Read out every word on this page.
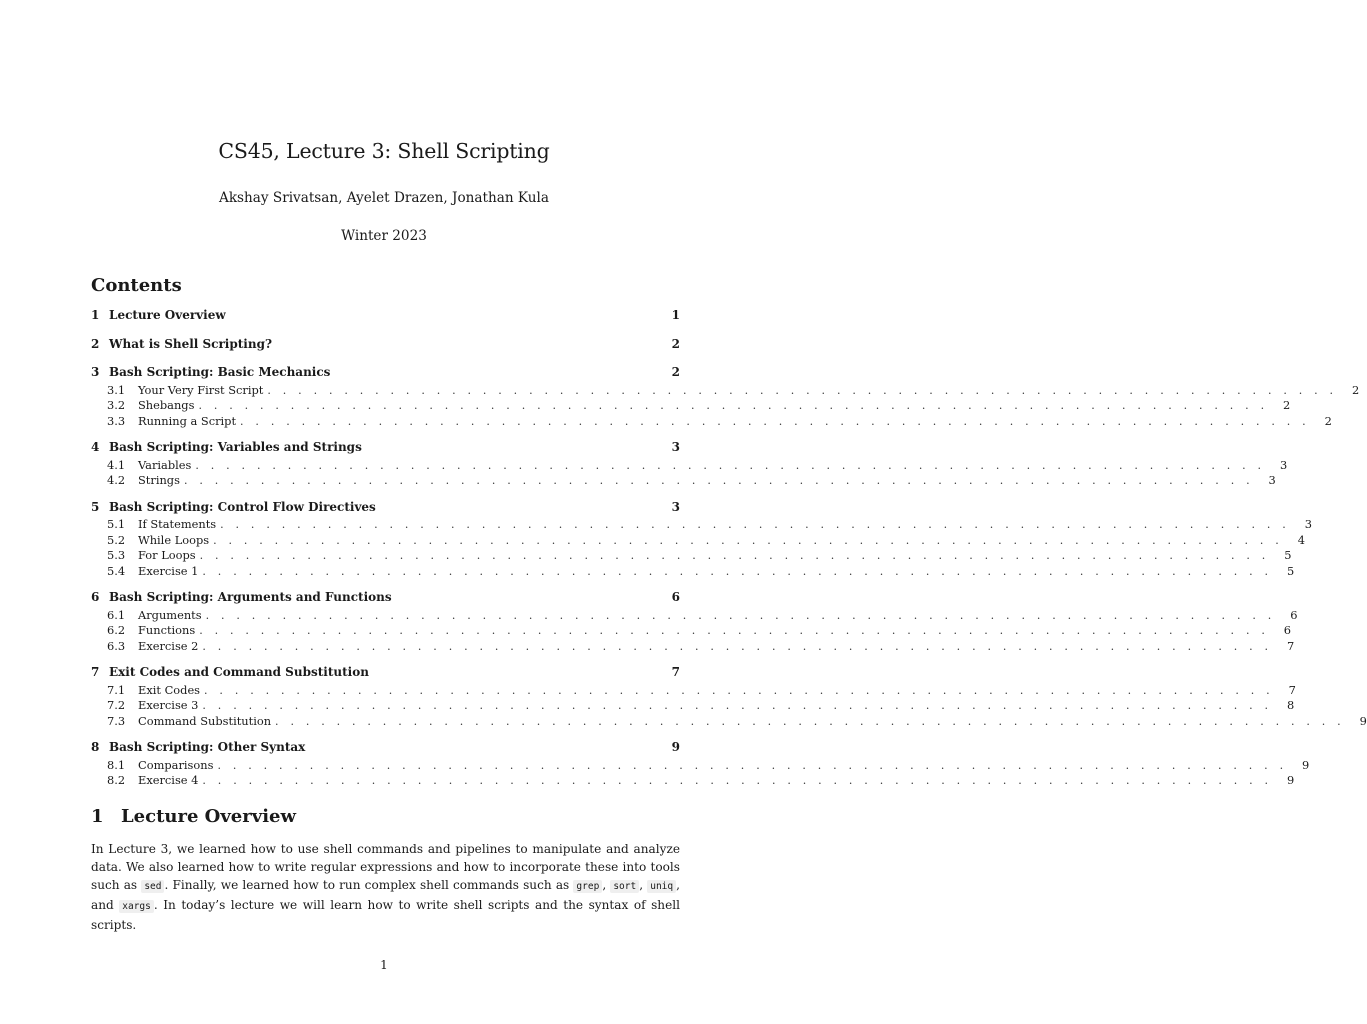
CS45, Lecture 3: Shell Scripting
Akshay Srivatsan, Ayelet Drazen, Jonathan Kula
Winter 2023
Contents
1 Lecture Overview	1
2 What is Shell Scripting?	2
3 Bash Scripting: Basic Mechanics	2
3.1	Your Very First Script . . . . . . . . . . . . . . . . . . . . . . . . . . . . . . . . . . . . . . . . . . . . . . . . . . . . . . . . . . . . . . . . . . . . . .	2
3.2	Shebangs . . . . . . . . . . . . . . . . . . . . . . . . . . . . . . . . . . . . . . . . . . . . . . . . . . . . . . . . . . . . . . . . . . . . . .	2
3.3	Running a Script . . . . . . . . . . . . . . . . . . . . . . . . . . . . . . . . . . . . . . . . . . . . . . . . . . . . . . . . . . . . . . . . . . . . . .	2
4 Bash Scripting: Variables and Strings	3
4.1	Variables . . . . . . . . . . . . . . . . . . . . . . . . . . . . . . . . . . . . . . . . . . . . . . . . . . . . . . . . . . . . . . . . . . . . . .	3
4.2	Strings . . . . . . . . . . . . . . . . . . . . . . . . . . . . . . . . . . . . . . . . . . . . . . . . . . . . . . . . . . . . . . . . . . . . . .	3
5 Bash Scripting: Control Flow Directives	3
5.1	If Statements . . . . . . . . . . . . . . . . . . . . . . . . . . . . . . . . . . . . . . . . . . . . . . . . . . . . . . . . . . . . . . . . . . . . . .	3
5.2	While Loops . . . . . . . . . . . . . . . . . . . . . . . . . . . . . . . . . . . . . . . . . . . . . . . . . . . . . . . . . . . . . . . . . . . . . .	4
5.3	For Loops . . . . . . . . . . . . . . . . . . . . . . . . . . . . . . . . . . . . . . . . . . . . . . . . . . . . . . . . . . . . . . . . . . . . . .	5
5.4	Exercise 1 . . . . . . . . . . . . . . . . . . . . . . . . . . . . . . . . . . . . . . . . . . . . . . . . . . . . . . . . . . . . . . . . . . . . . .	5
6 Bash Scripting: Arguments and Functions	6
6.1	Arguments . . . . . . . . . . . . . . . . . . . . . . . . . . . . . . . . . . . . . . . . . . . . . . . . . . . . . . . . . . . . . . . . . . . . . .	6
6.2	Functions . . . . . . . . . . . . . . . . . . . . . . . . . . . . . . . . . . . . . . . . . . . . . . . . . . . . . . . . . . . . . . . . . . . . . .	6
6.3	Exercise 2 . . . . . . . . . . . . . . . . . . . . . . . . . . . . . . . . . . . . . . . . . . . . . . . . . . . . . . . . . . . . . . . . . . . . . .	7
7 Exit Codes and Command Substitution	7
7.1	Exit Codes . . . . . . . . . . . . . . . . . . . . . . . . . . . . . . . . . . . . . . . . . . . . . . . . . . . . . . . . . . . . . . . . . . . . . .	7
7.2	Exercise 3 . . . . . . . . . . . . . . . . . . . . . . . . . . . . . . . . . . . . . . . . . . . . . . . . . . . . . . . . . . . . . . . . . . . . . .	8
7.3	Command Substitution . . . . . . . . . . . . . . . . . . . . . . . . . . . . . . . . . . . . . . . . . . . . . . . . . . . . . . . . . . . . . . . . . . . . . .	9
8 Bash Scripting: Other Syntax	9
8.1	Comparisons . . . . . . . . . . . . . . . . . . . . . . . . . . . . . . . . . . . . . . . . . . . . . . . . . . . . . . . . . . . . . . . . . . . . . .	9
8.2	Exercise 4 . . . . . . . . . . . . . . . . . . . . . . . . . . . . . . . . . . . . . . . . . . . . . . . . . . . . . . . . . . . . . . . . . . . . . .	9
1 Lecture Overview
In Lecture 3, we learned how to use shell commands and pipelines to manipulate and analyze data. We also learned how to write regular expressions and how to incorporate these into tools such as sed . Finally, we learned how to run complex shell commands such as grep , sort , uniq , and xargs . In today’s lecture we will learn how to write shell scripts and the syntax of shell scripts.
1
